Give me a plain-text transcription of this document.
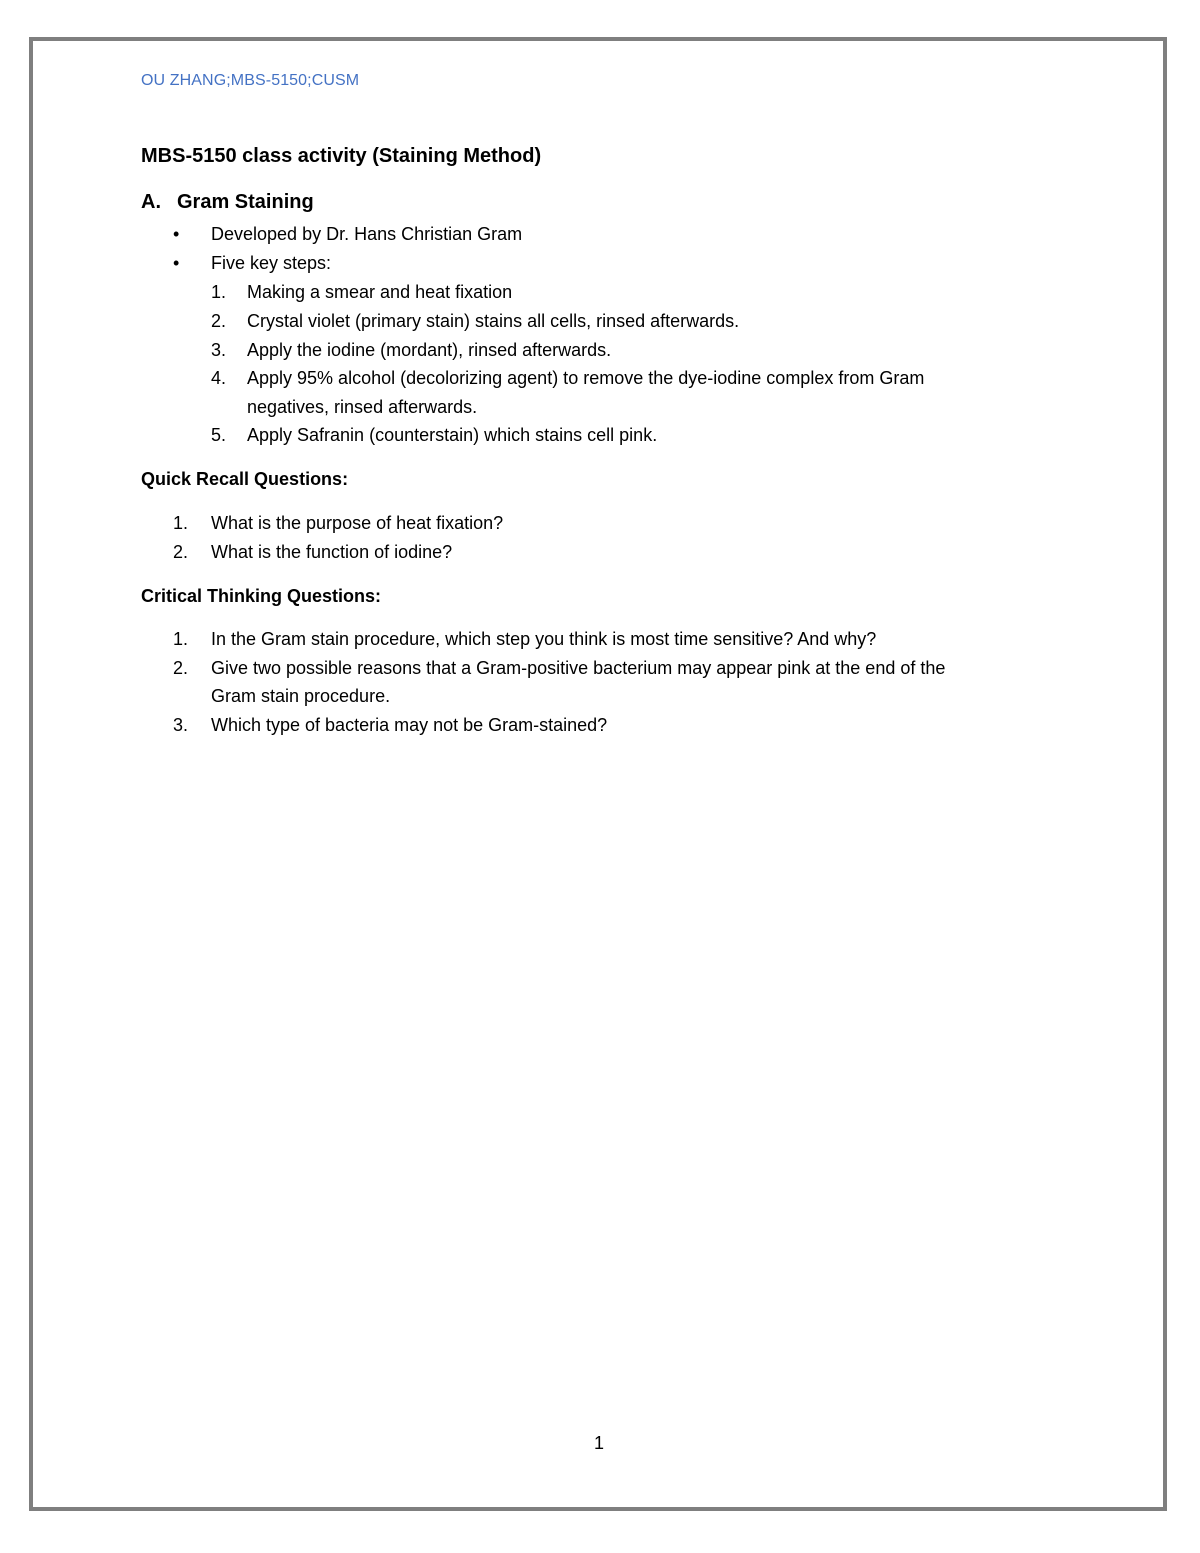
OU ZHANG;MBS-5150;CUSM
MBS-5150 class activity (Staining Method)
A. Gram Staining
• Developed by Dr. Hans Christian Gram
• Five key steps:
1. Making a smear and heat fixation
2. Crystal violet (primary stain) stains all cells, rinsed afterwards.
3. Apply the iodine (mordant), rinsed afterwards.
4. Apply 95% alcohol (decolorizing agent) to remove the dye-iodine complex from Gram
negatives, rinsed afterwards.
5. Apply Safranin (counterstain) which stains cell pink.
Quick Recall Questions:
1. What is the purpose of heat fixation?
2. What is the function of iodine?
Critical Thinking Questions:
1. In the Gram stain procedure, which step you think is most time sensitive? And why?
2. Give two possible reasons that a Gram-positive bacterium may appear pink at the end of the
Gram stain procedure.
3. Which type of bacteria may not be Gram-stained?
1
